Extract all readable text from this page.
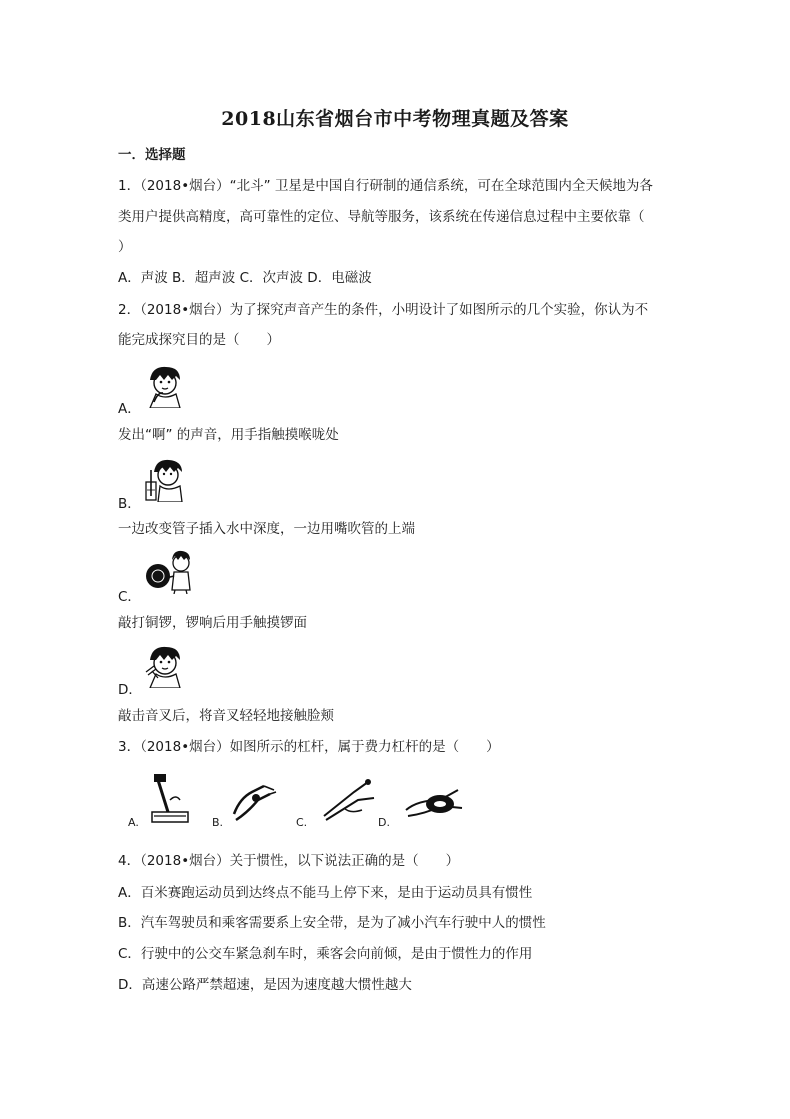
2018山东省烟台市中考物理真题及答案
一．选择题
1．（2018•烟台）“北斗” 卫星是中国自行研制的通信系统，可在全球范围内全天候地为各
类用户提供高精度，高可靠性的定位、导航等服务，该系统在传递信息过程中主要依靠（
）
A．声波 B．超声波 C．次声波 D．电磁波
2．（2018•烟台）为了探究声音产生的条件，小明设计了如图所示的几个实验，你认为不
能完成探究目的是（　　）
A．
发出“啊” 的声音，用手指触摸喉咙处
B．
一边改变管子插入水中深度，一边用嘴吹管的上端
C．
敲打铜锣，锣响后用手触摸锣面
D．
敲击音叉后，将音叉轻轻地接触脸颊
3．（2018•烟台）如图所示的杠杆，属于费力杠杆的是（　　）
A.	B.	C.	D.
4．（2018•烟台）关于惯性，以下说法正确的是（　　）
A．百米赛跑运动员到达终点不能马上停下来，是由于运动员具有惯性
B．汽车驾驶员和乘客需要系上安全带，是为了减小汽车行驶中人的惯性
C．行驶中的公交车紧急刹车时，乘客会向前倾，是由于惯性力的作用
D．高速公路严禁超速，是因为速度越大惯性越大
